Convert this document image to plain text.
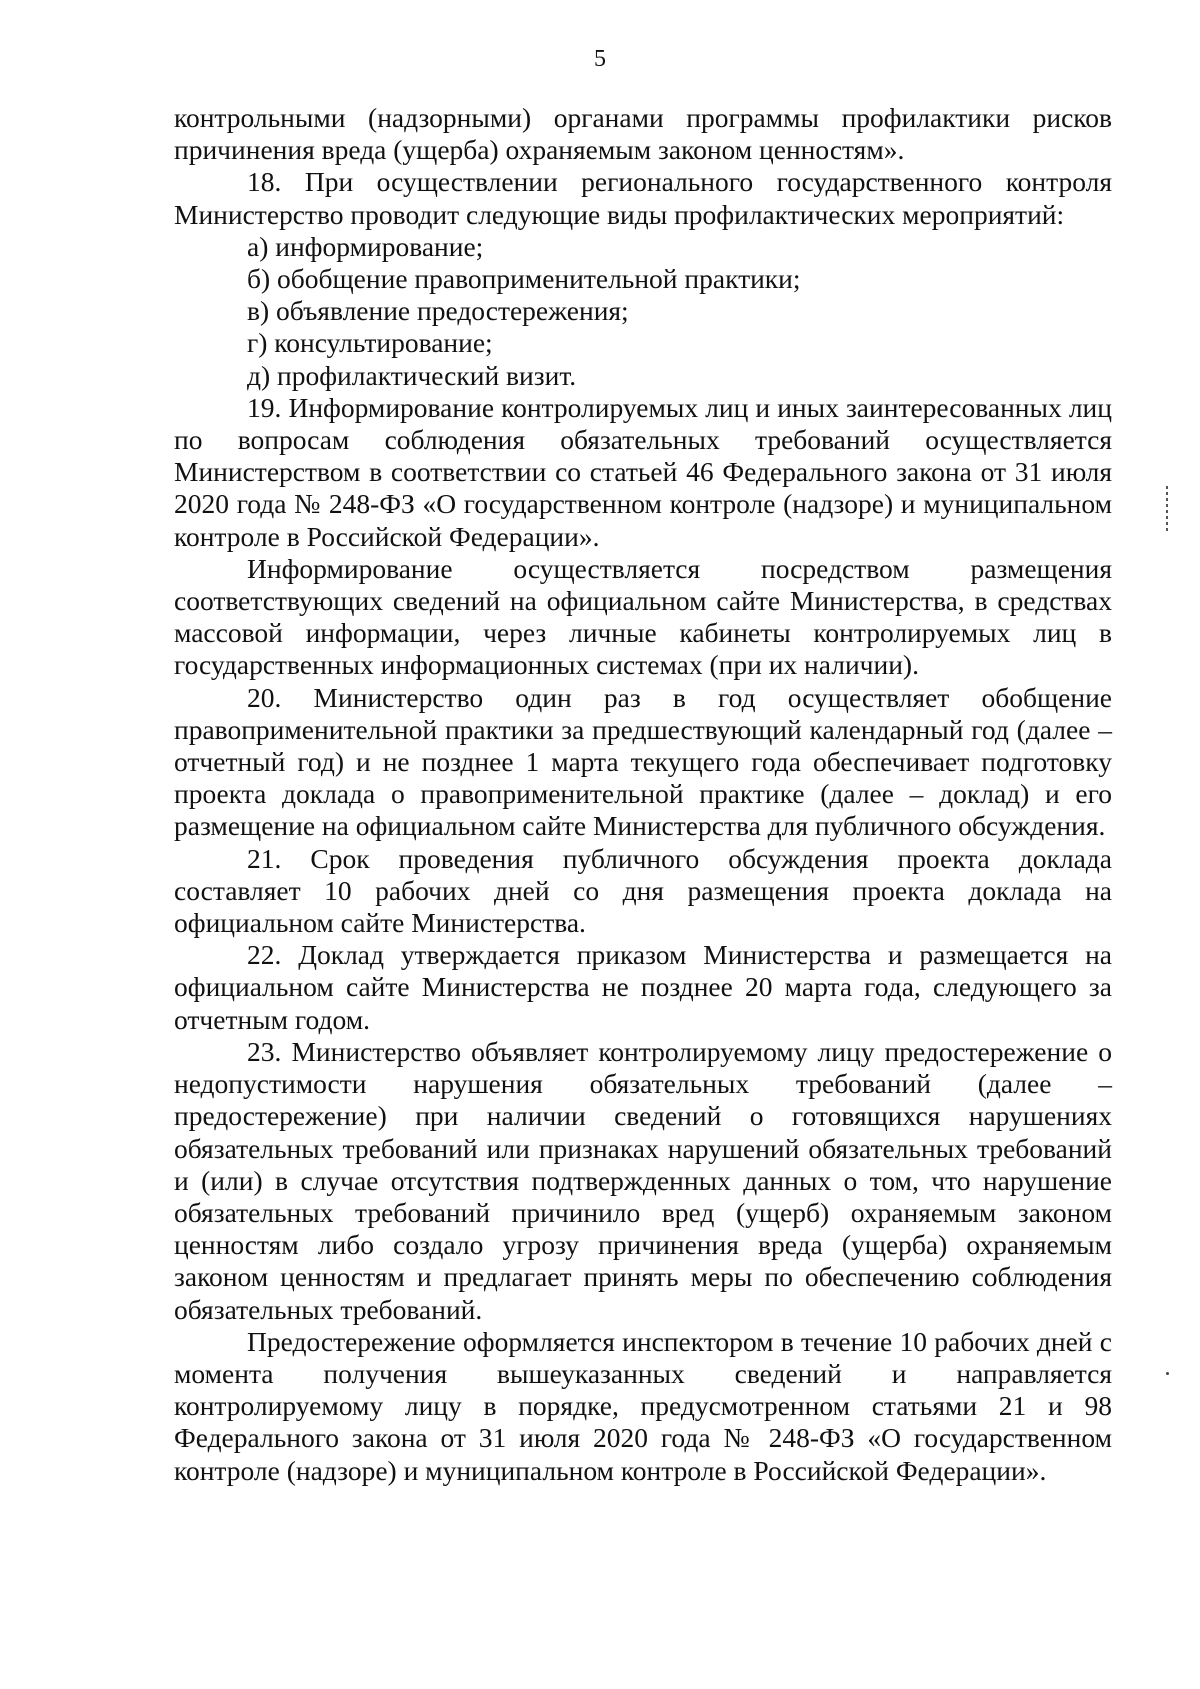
5

контрольными (надзорными) органами программы профилактики рисков причинения вреда (ущерба) охраняемым законом ценностям».

18. При осуществлении регионального государственного контроля Министерство проводит следующие виды профилактических мероприятий:

а) информирование;

б) обобщение правоприменительной практики;

в) объявление предостережения;

г) консультирование;

д) профилактический визит.

19. Информирование контролируемых лиц и иных заинтересованных лиц по вопросам соблюдения обязательных требований осуществляется Министерством в соответствии со статьей 46 Федерального закона от 31 июля 2020 года № 248-ФЗ «О государственном контроле (надзоре) и муниципальном контроле в Российской Федерации».

Информирование осуществляется посредством размещения соответствующих сведений на официальном сайте Министерства, в средствах массовой информации, через личные кабинеты контролируемых лиц в государственных информационных системах (при их наличии).

20. Министерство один раз в год осуществляет обобщение правоприменительной практики за предшествующий календарный год (далее – отчетный год) и не позднее 1 марта текущего года обеспечивает подготовку проекта доклада о правоприменительной практике (далее – доклад) и его размещение на официальном сайте Министерства для публичного обсуждения.

21. Срок проведения публичного обсуждения проекта доклада составляет 10 рабочих дней со дня размещения проекта доклада на официальном сайте Министерства.

22. Доклад утверждается приказом Министерства и размещается на официальном сайте Министерства не позднее 20 марта года, следующего за отчетным годом.

23. Министерство объявляет контролируемому лицу предостережение о недопустимости нарушения обязательных требований (далее – предостережение) при наличии сведений о готовящихся нарушениях обязательных требований или признаках нарушений обязательных требований и (или) в случае отсутствия подтвержденных данных о том, что нарушение обязательных требований причинило вред (ущерб) охраняемым законом ценностям либо создало угрозу причинения вреда (ущерба) охраняемым законом ценностям и предлагает принять меры по обеспечению соблюдения обязательных требований.

Предостережение оформляется инспектором в течение 10 рабочих дней с момента получения вышеуказанных сведений и направляется контролируемому лицу в порядке, предусмотренном статьями 21 и 98 Федерального закона от 31 июля 2020 года № 248-ФЗ «О государственном контроле (надзоре) и муниципальном контроле в Российской Федерации».
